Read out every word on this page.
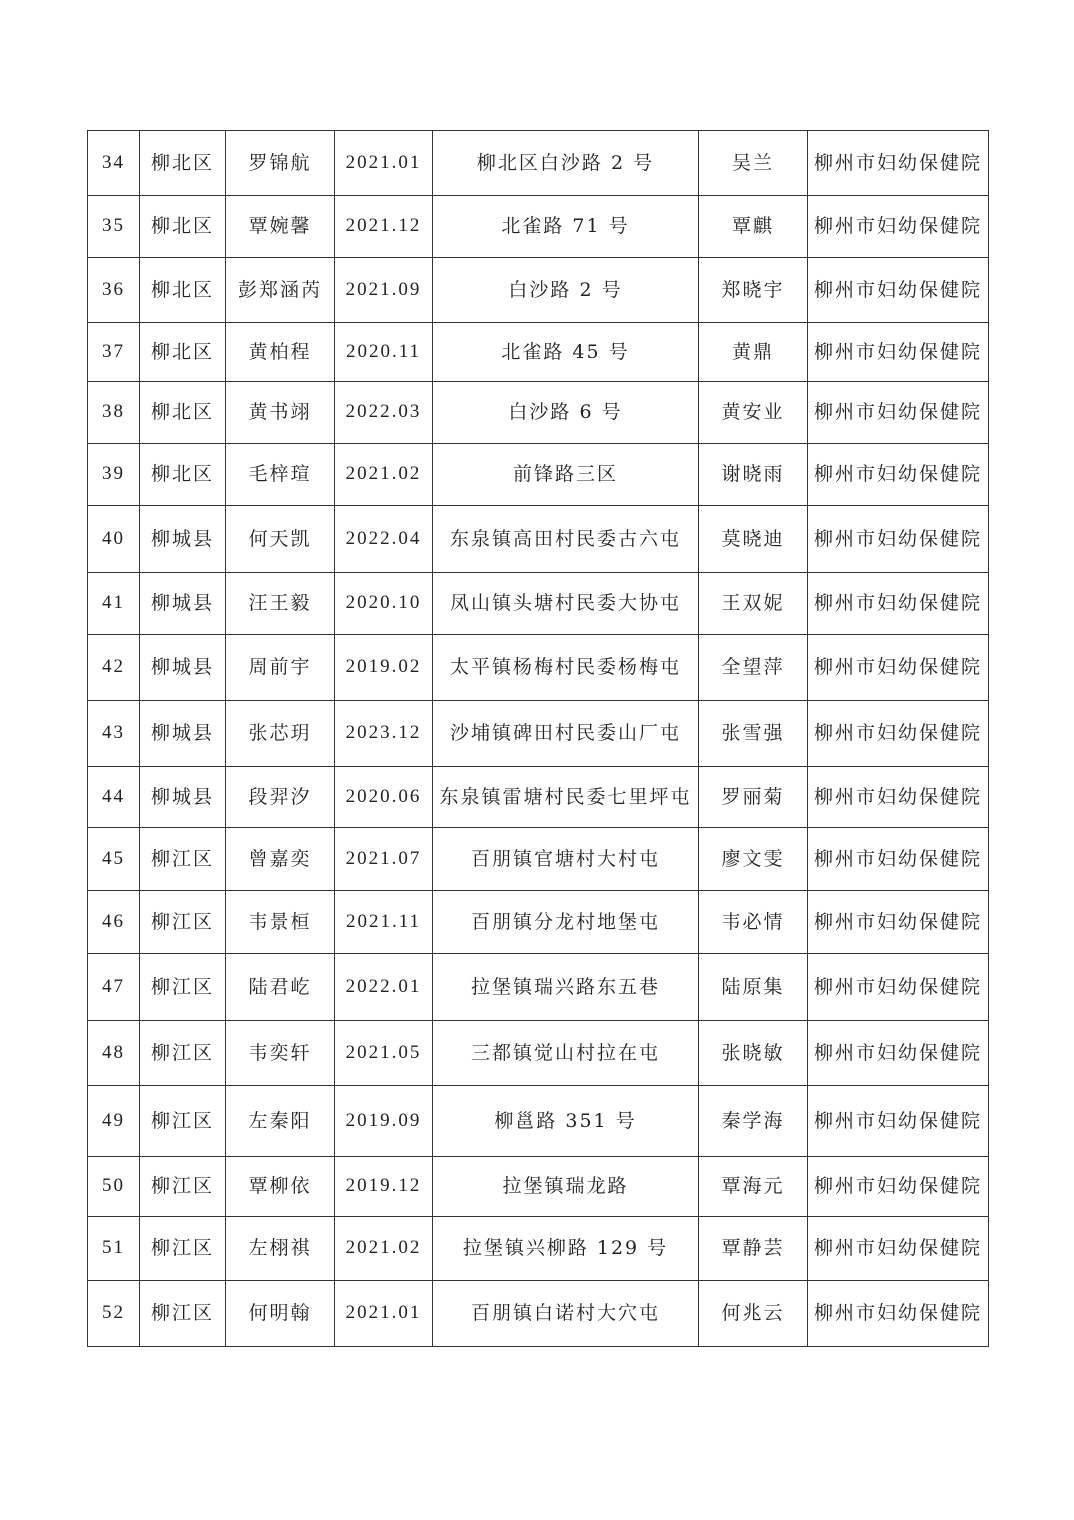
34	柳北区	罗锦航	2021.01	柳北区白沙路 2 号	吴兰	柳州市妇幼保健院
35	柳北区	覃婉馨	2021.12	北雀路 71 号	覃麒	柳州市妇幼保健院
36	柳北区	彭郑涵芮	2021.09	白沙路 2 号	郑晓宇	柳州市妇幼保健院
37	柳北区	黄柏程	2020.11	北雀路 45 号	黄鼎	柳州市妇幼保健院
38	柳北区	黄书翊	2022.03	白沙路 6 号	黄安业	柳州市妇幼保健院
39	柳北区	毛梓瑄	2021.02	前锋路三区	谢晓雨	柳州市妇幼保健院
40	柳城县	何天凯	2022.04	东泉镇高田村民委古六屯	莫晓迪	柳州市妇幼保健院
41	柳城县	汪王毅	2020.10	凤山镇头塘村民委大协屯	王双妮	柳州市妇幼保健院
42	柳城县	周前宇	2019.02	太平镇杨梅村民委杨梅屯	全望萍	柳州市妇幼保健院
43	柳城县	张芯玥	2023.12	沙埔镇碑田村民委山厂屯	张雪强	柳州市妇幼保健院
44	柳城县	段羿汐	2020.06	东泉镇雷塘村民委七里坪屯	罗丽菊	柳州市妇幼保健院
45	柳江区	曾嘉奕	2021.07	百朋镇官塘村大村屯	廖文雯	柳州市妇幼保健院
46	柳江区	韦景桓	2021.11	百朋镇分龙村地堡屯	韦必情	柳州市妇幼保健院
47	柳江区	陆君屹	2022.01	拉堡镇瑞兴路东五巷	陆原集	柳州市妇幼保健院
48	柳江区	韦奕轩	2021.05	三都镇觉山村拉在屯	张晓敏	柳州市妇幼保健院
49	柳江区	左秦阳	2019.09	柳邕路 351 号	秦学海	柳州市妇幼保健院
50	柳江区	覃柳依	2019.12	拉堡镇瑞龙路	覃海元	柳州市妇幼保健院
51	柳江区	左栩祺	2021.02	拉堡镇兴柳路 129 号	覃静芸	柳州市妇幼保健院
52	柳江区	何明翰	2021.01	百朋镇白诺村大穴屯	何兆云	柳州市妇幼保健院
